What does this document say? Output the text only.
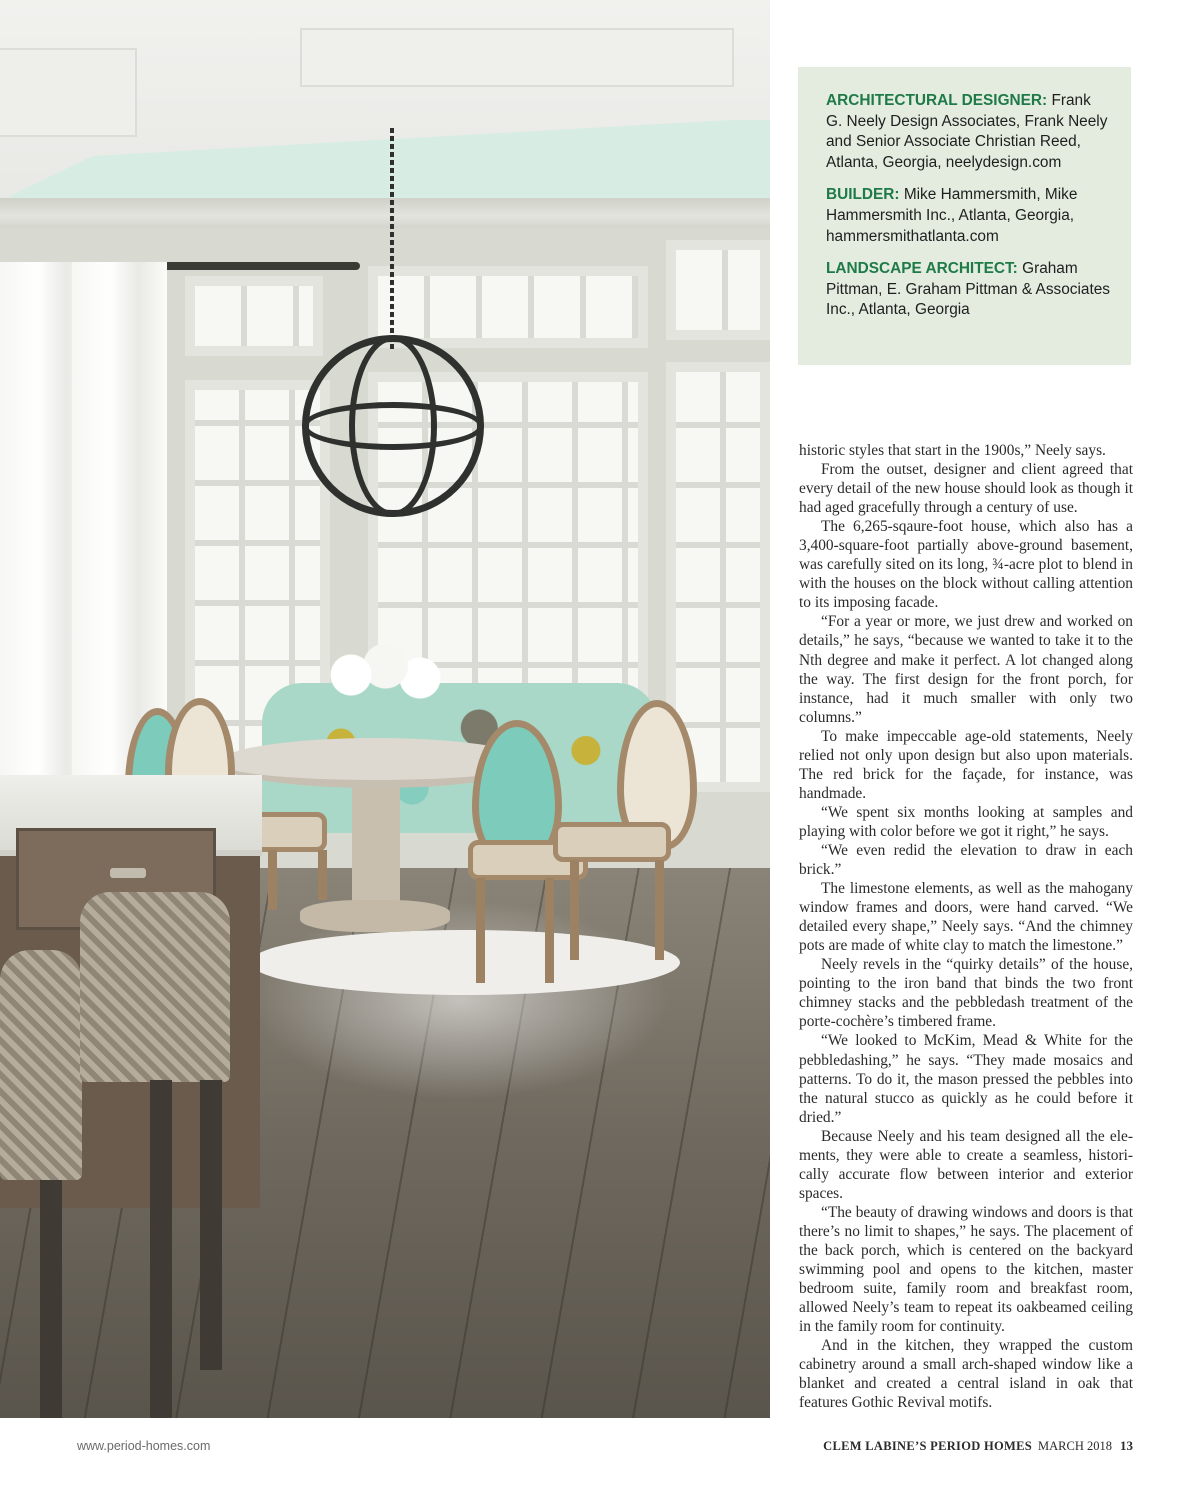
ARCHITECTURAL DESIGNER: Frank G. Neely Design Associates, Frank Neely and Senior Associate Christian Reed, Atlanta, Georgia, neelydesign.com

BUILDER: Mike Hammersmith, Mike Hammersmith Inc., Atlanta, Georgia, hammersmithatlanta.com

LANDSCAPE ARCHITECT: Graham Pittman, E. Graham Pittman & Associates Inc., Atlanta, Georgia

historic styles that start in the 1900s,” Neely says.

From the outset, designer and client agreed that every detail of the new house should look as though it had aged gracefully through a century of use.

The 6,265-sqaure-foot house, which also has a 3,400-square-foot partially above-ground basement, was carefully sited on its long, ¾-acre plot to blend in with the houses on the block without calling attention to its imposing facade.

“For a year or more, we just drew and worked on details,” he says, “because we wanted to take it to the Nth degree and make it perfect. A lot changed along the way. The first design for the front porch, for instance, had it much smaller with only two columns.”

To make impeccable age-old statements, Neely relied not only upon design but also upon materials. The red brick for the façade, for instance, was handmade.

“We spent six months looking at samples and playing with color before we got it right,” he says.

“We even redid the elevation to draw in each brick.”

The limestone elements, as well as the mahogany window frames and doors, were hand carved. “We detailed every shape,” Neely says. “And the chimney pots are made of white clay to match the limestone.”

Neely revels in the “quirky details” of the house, pointing to the iron band that binds the two front chimney stacks and the pebbledash treatment of the porte-cochère’s timbered frame.

“We looked to McKim, Mead & White for the pebbledashing,” he says. “They made mosaics and patterns. To do it, the mason pressed the pebbles into the natural stucco as quickly as he could before it dried.”

Because Neely and his team designed all the elements, they were able to create a seamless, historically accurate flow between interior and exterior spaces.

“The beauty of drawing windows and doors is that there’s no limit to shapes,” he says. The placement of the back porch, which is centered on the backyard swimming pool and opens to the kitchen, master bedroom suite, family room and breakfast room, allowed Neely’s team to repeat its oakbeamed ceiling in the family room for continuity.

And in the kitchen, they wrapped the custom cabinetry around a small arch-shaped window like a blanket and created a central island in oak that features Gothic Revival motifs.

www.period-homes.com	CLEM LABINE’S PERIOD HOMES MARCH 2018 13
